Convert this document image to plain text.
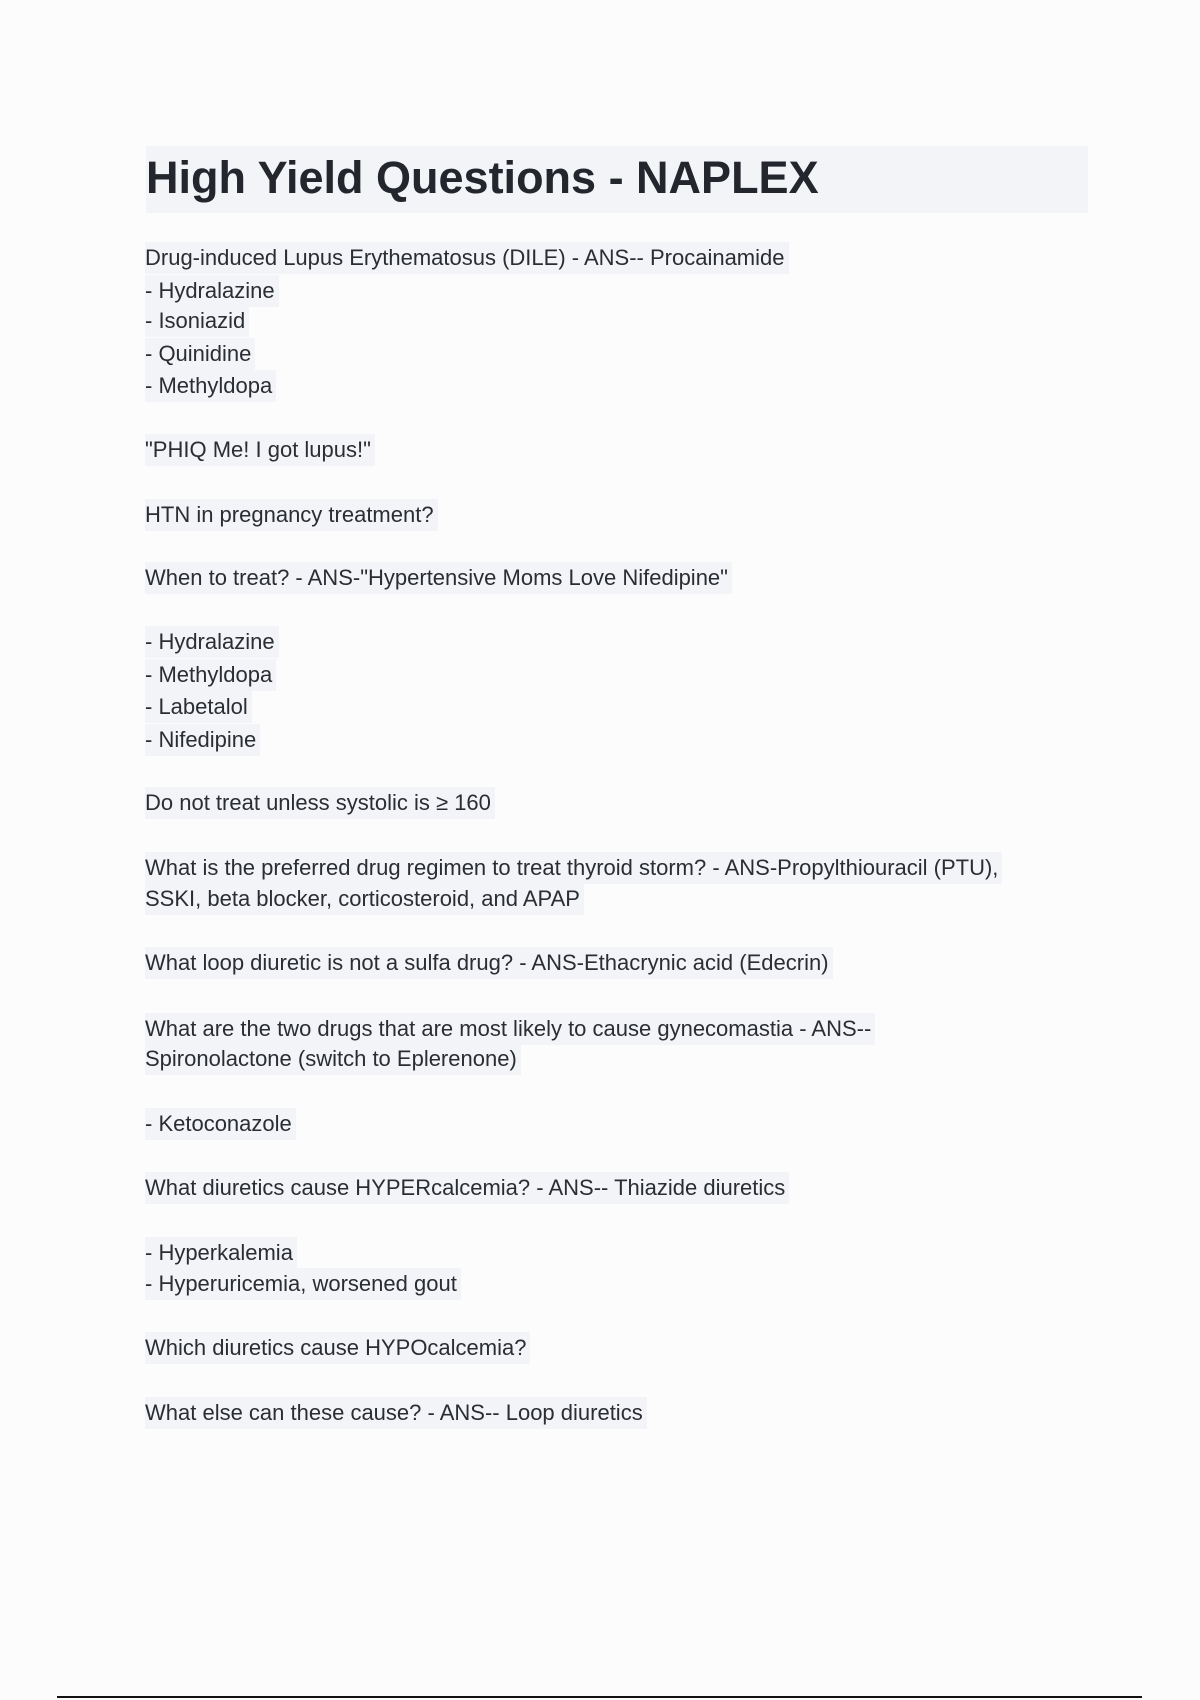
High Yield Questions - NAPLEX
Drug-induced Lupus Erythematosus (DILE) - ANS-- Procainamide
- Hydralazine
- Isoniazid
- Quinidine
- Methyldopa
"PHIQ Me! I got lupus!"
HTN in pregnancy treatment?
When to treat? - ANS-"Hypertensive Moms Love Nifedipine"
- Hydralazine
- Methyldopa
- Labetalol
- Nifedipine
Do not treat unless systolic is ≥ 160
What is the preferred drug regimen to treat thyroid storm? - ANS-Propylthiouracil (PTU),
SSKI, beta blocker, corticosteroid, and APAP
What loop diuretic is not a sulfa drug? - ANS-Ethacrynic acid (Edecrin)
What are the two drugs that are most likely to cause gynecomastia - ANS--
Spironolactone (switch to Eplerenone)
- Ketoconazole
What diuretics cause HYPERcalcemia? - ANS-- Thiazide diuretics
- Hyperkalemia
- Hyperuricemia, worsened gout
Which diuretics cause HYPOcalcemia?
What else can these cause? - ANS-- Loop diuretics
